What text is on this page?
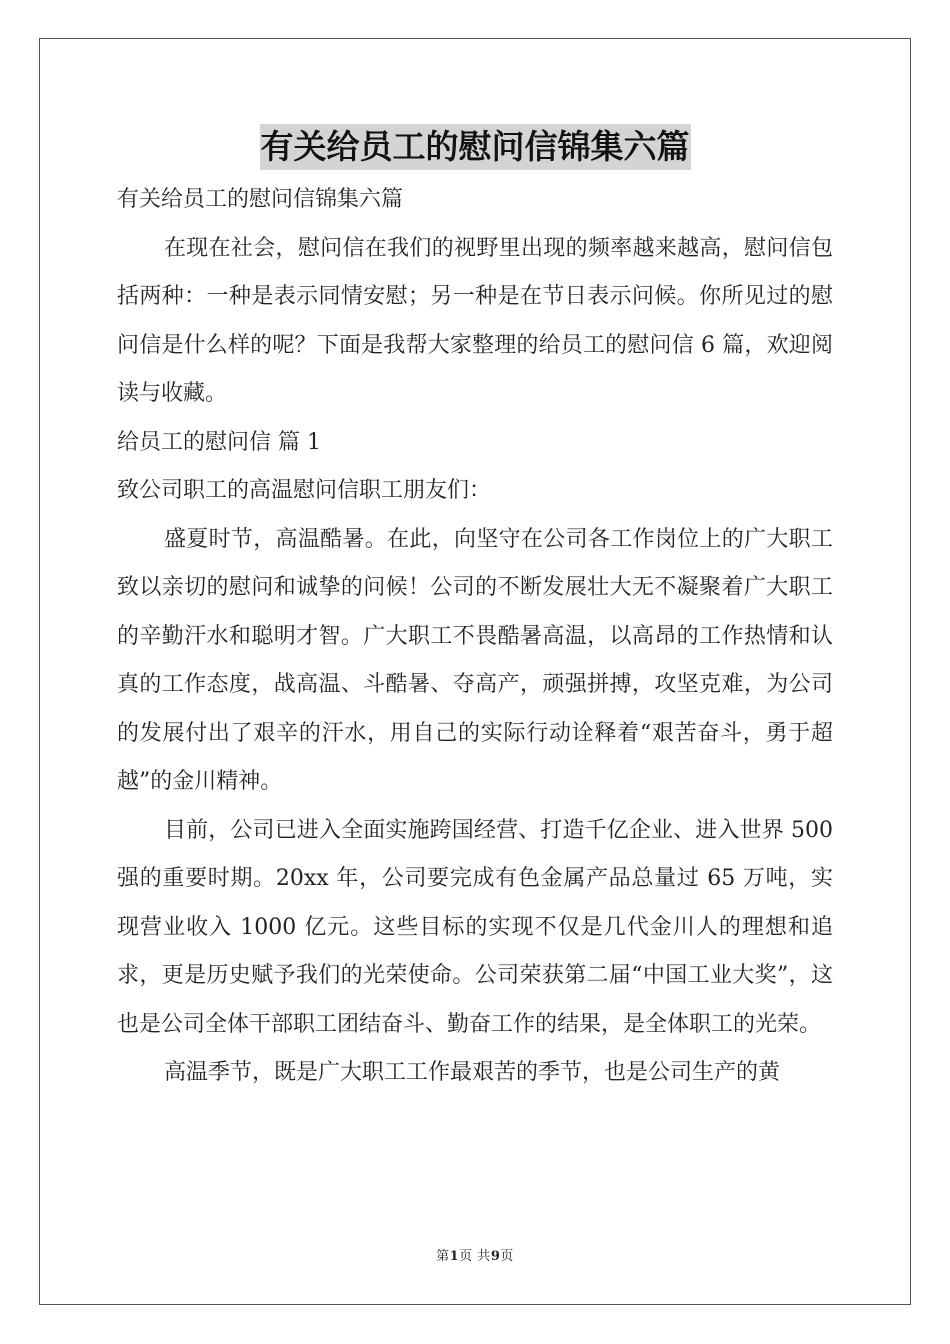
有关给员工的慰问信锦集六篇

有关给员工的慰问信锦集六篇

在现在社会，慰问信在我们的视野里出现的频率越来越高，慰问信包括两种：一种是表示同情安慰；另一种是在节日表示问候。你所见过的慰问信是什么样的呢？下面是我帮大家整理的给员工的慰问信 6 篇，欢迎阅读与收藏。

给员工的慰问信 篇 1

致公司职工的高温慰问信职工朋友们：

盛夏时节，高温酷暑。在此，向坚守在公司各工作岗位上的广大职工致以亲切的慰问和诚挚的问候！公司的不断发展壮大无不凝聚着广大职工的辛勤汗水和聪明才智。广大职工不畏酷暑高温，以高昂的工作热情和认真的工作态度，战高温、斗酷暑、夺高产，顽强拼搏，攻坚克难，为公司的发展付出了艰辛的汗水，用自己的实际行动诠释着“艰苦奋斗，勇于超越”的金川精神。

目前，公司已进入全面实施跨国经营、打造千亿企业、进入世界 500 强的重要时期。20xx 年，公司要完成有色金属产品总量过 65 万吨，实现营业收入 1000 亿元。这些目标的实现不仅是几代金川人的理想和追求，更是历史赋予我们的光荣使命。公司荣获第二届“中国工业大奖”，这也是公司全体干部职工团结奋斗、勤奋工作的结果，是全体职工的光荣。

高温季节，既是广大职工工作最艰苦的季节，也是公司生产的黄

第1页 共9页
